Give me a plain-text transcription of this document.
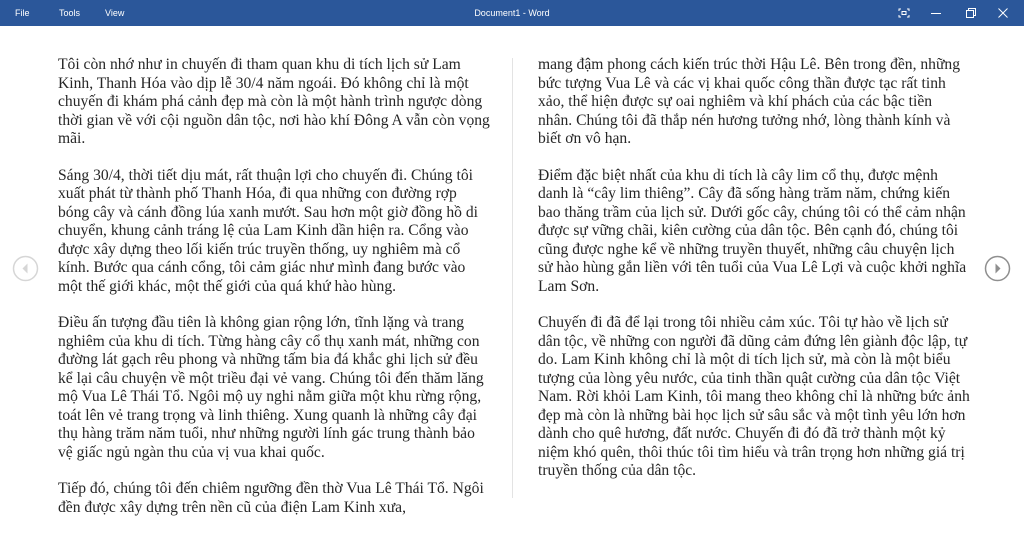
File	Tools	View	Document1 - Word

Tôi còn nhớ như in chuyến đi tham quan khu di tích lịch sử Lam Kinh, Thanh Hóa vào dịp lễ 30/4 năm ngoái. Đó không chỉ là một chuyến đi khám phá cảnh đẹp mà còn là một hành trình ngược dòng thời gian về với cội nguồn dân tộc, nơi hào khí Đông A vẫn còn vọng mãi.

Sáng 30/4, thời tiết dịu mát, rất thuận lợi cho chuyến đi. Chúng tôi xuất phát từ thành phố Thanh Hóa, đi qua những con đường rợp bóng cây và cánh đồng lúa xanh mướt. Sau hơn một giờ đồng hồ di chuyển, khung cảnh tráng lệ của Lam Kinh dần hiện ra. Cổng vào được xây dựng theo lối kiến trúc truyền thống, uy nghiêm mà cổ kính. Bước qua cánh cổng, tôi cảm giác như mình đang bước vào một thế giới khác, một thế giới của quá khứ hào hùng.

Điều ấn tượng đầu tiên là không gian rộng lớn, tĩnh lặng và trang nghiêm của khu di tích. Từng hàng cây cổ thụ xanh mát, những con đường lát gạch rêu phong và những tấm bia đá khắc ghi lịch sử đều kể lại câu chuyện về một triều đại vẻ vang. Chúng tôi đến thăm lăng mộ Vua Lê Thái Tổ. Ngôi mộ uy nghi nằm giữa một khu rừng rộng, toát lên vẻ trang trọng và linh thiêng. Xung quanh là những cây đại thụ hàng trăm năm tuổi, như những người lính gác trung thành bảo vệ giấc ngủ ngàn thu của vị vua khai quốc.

Tiếp đó, chúng tôi đến chiêm ngưỡng đền thờ Vua Lê Thái Tổ. Ngôi đền được xây dựng trên nền cũ của điện Lam Kinh xưa,

mang đậm phong cách kiến trúc thời Hậu Lê. Bên trong đền, những bức tượng Vua Lê và các vị khai quốc công thần được tạc rất tinh xảo, thể hiện được sự oai nghiêm và khí phách của các bậc tiền nhân. Chúng tôi đã thắp nén hương tưởng nhớ, lòng thành kính và biết ơn vô hạn.

Điểm đặc biệt nhất của khu di tích là cây lim cổ thụ, được mệnh danh là “cây lim thiêng”. Cây đã sống hàng trăm năm, chứng kiến bao thăng trầm của lịch sử. Dưới gốc cây, chúng tôi có thể cảm nhận được sự vững chãi, kiên cường của dân tộc. Bên cạnh đó, chúng tôi cũng được nghe kể về những truyền thuyết, những câu chuyện lịch sử hào hùng gắn liền với tên tuổi của Vua Lê Lợi và cuộc khởi nghĩa Lam Sơn.

Chuyến đi đã để lại trong tôi nhiều cảm xúc. Tôi tự hào về lịch sử dân tộc, về những con người đã dũng cảm đứng lên giành độc lập, tự do. Lam Kinh không chỉ là một di tích lịch sử, mà còn là một biểu tượng của lòng yêu nước, của tinh thần quật cường của dân tộc Việt Nam. Rời khỏi Lam Kinh, tôi mang theo không chỉ là những bức ảnh đẹp mà còn là những bài học lịch sử sâu sắc và một tình yêu lớn hơn dành cho quê hương, đất nước. Chuyến đi đó đã trở thành một kỷ niệm khó quên, thôi thúc tôi tìm hiểu và trân trọng hơn những giá trị truyền thống của dân tộc.
